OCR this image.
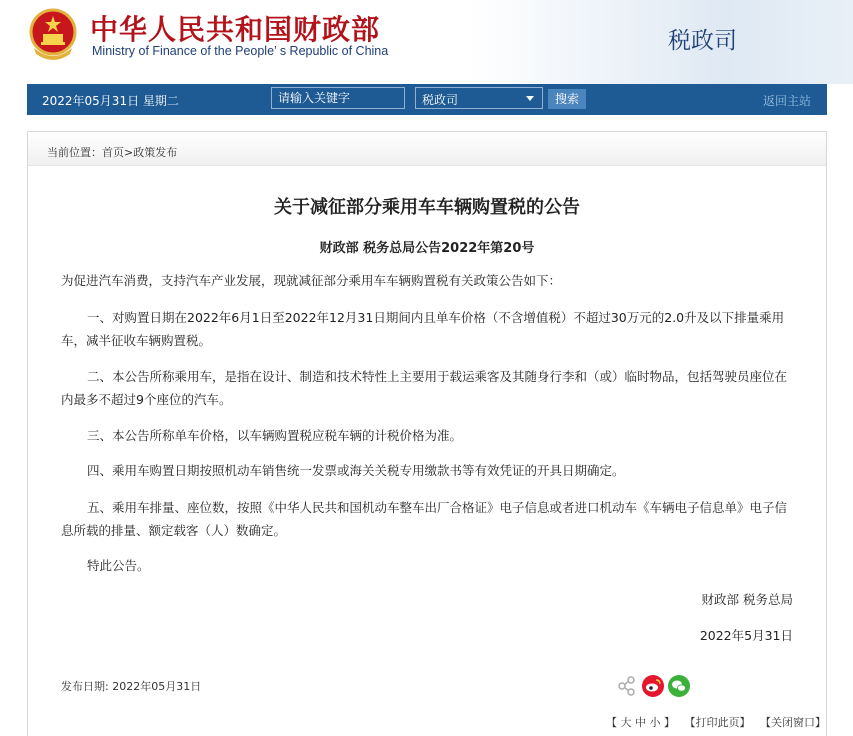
中华人民共和国财政部
Ministry of Finance of the People’ s Republic of China	税政司
2022年05月31日 星期二
请输入关键字	税政司	搜索	返回主站
当前位置：首页>政策发布
关于减征部分乘用车车辆购置税的公告
财政部 税务总局公告2022年第20号
为促进汽车消费，支持汽车产业发展，现就减征部分乘用车车辆购置税有关政策公告如下：
一、对购置日期在2022年6月1日至2022年12月31日期间内且单车价格（不含增值税）不超过30万元的2.0升及以下排量乘用车，减半征收车辆购置税。
二、本公告所称乘用车，是指在设计、制造和技术特性上主要用于载运乘客及其随身行李和（或）临时物品，包括驾驶员座位在内最多不超过9个座位的汽车。
三、本公告所称单车价格，以车辆购置税应税车辆的计税价格为准。
四、乘用车购置日期按照机动车销售统一发票或海关关税专用缴款书等有效凭证的开具日期确定。
五、乘用车排量、座位数，按照《中华人民共和国机动车整车出厂合格证》电子信息或者进口机动车《车辆电子信息单》电子信息所载的排量、额定载客（人）数确定。
特此公告。
财政部 税务总局
2022年5月31日
发布日期: 2022年05月31日
【 大 中 小 】 【打印此页】 【关闭窗口】
